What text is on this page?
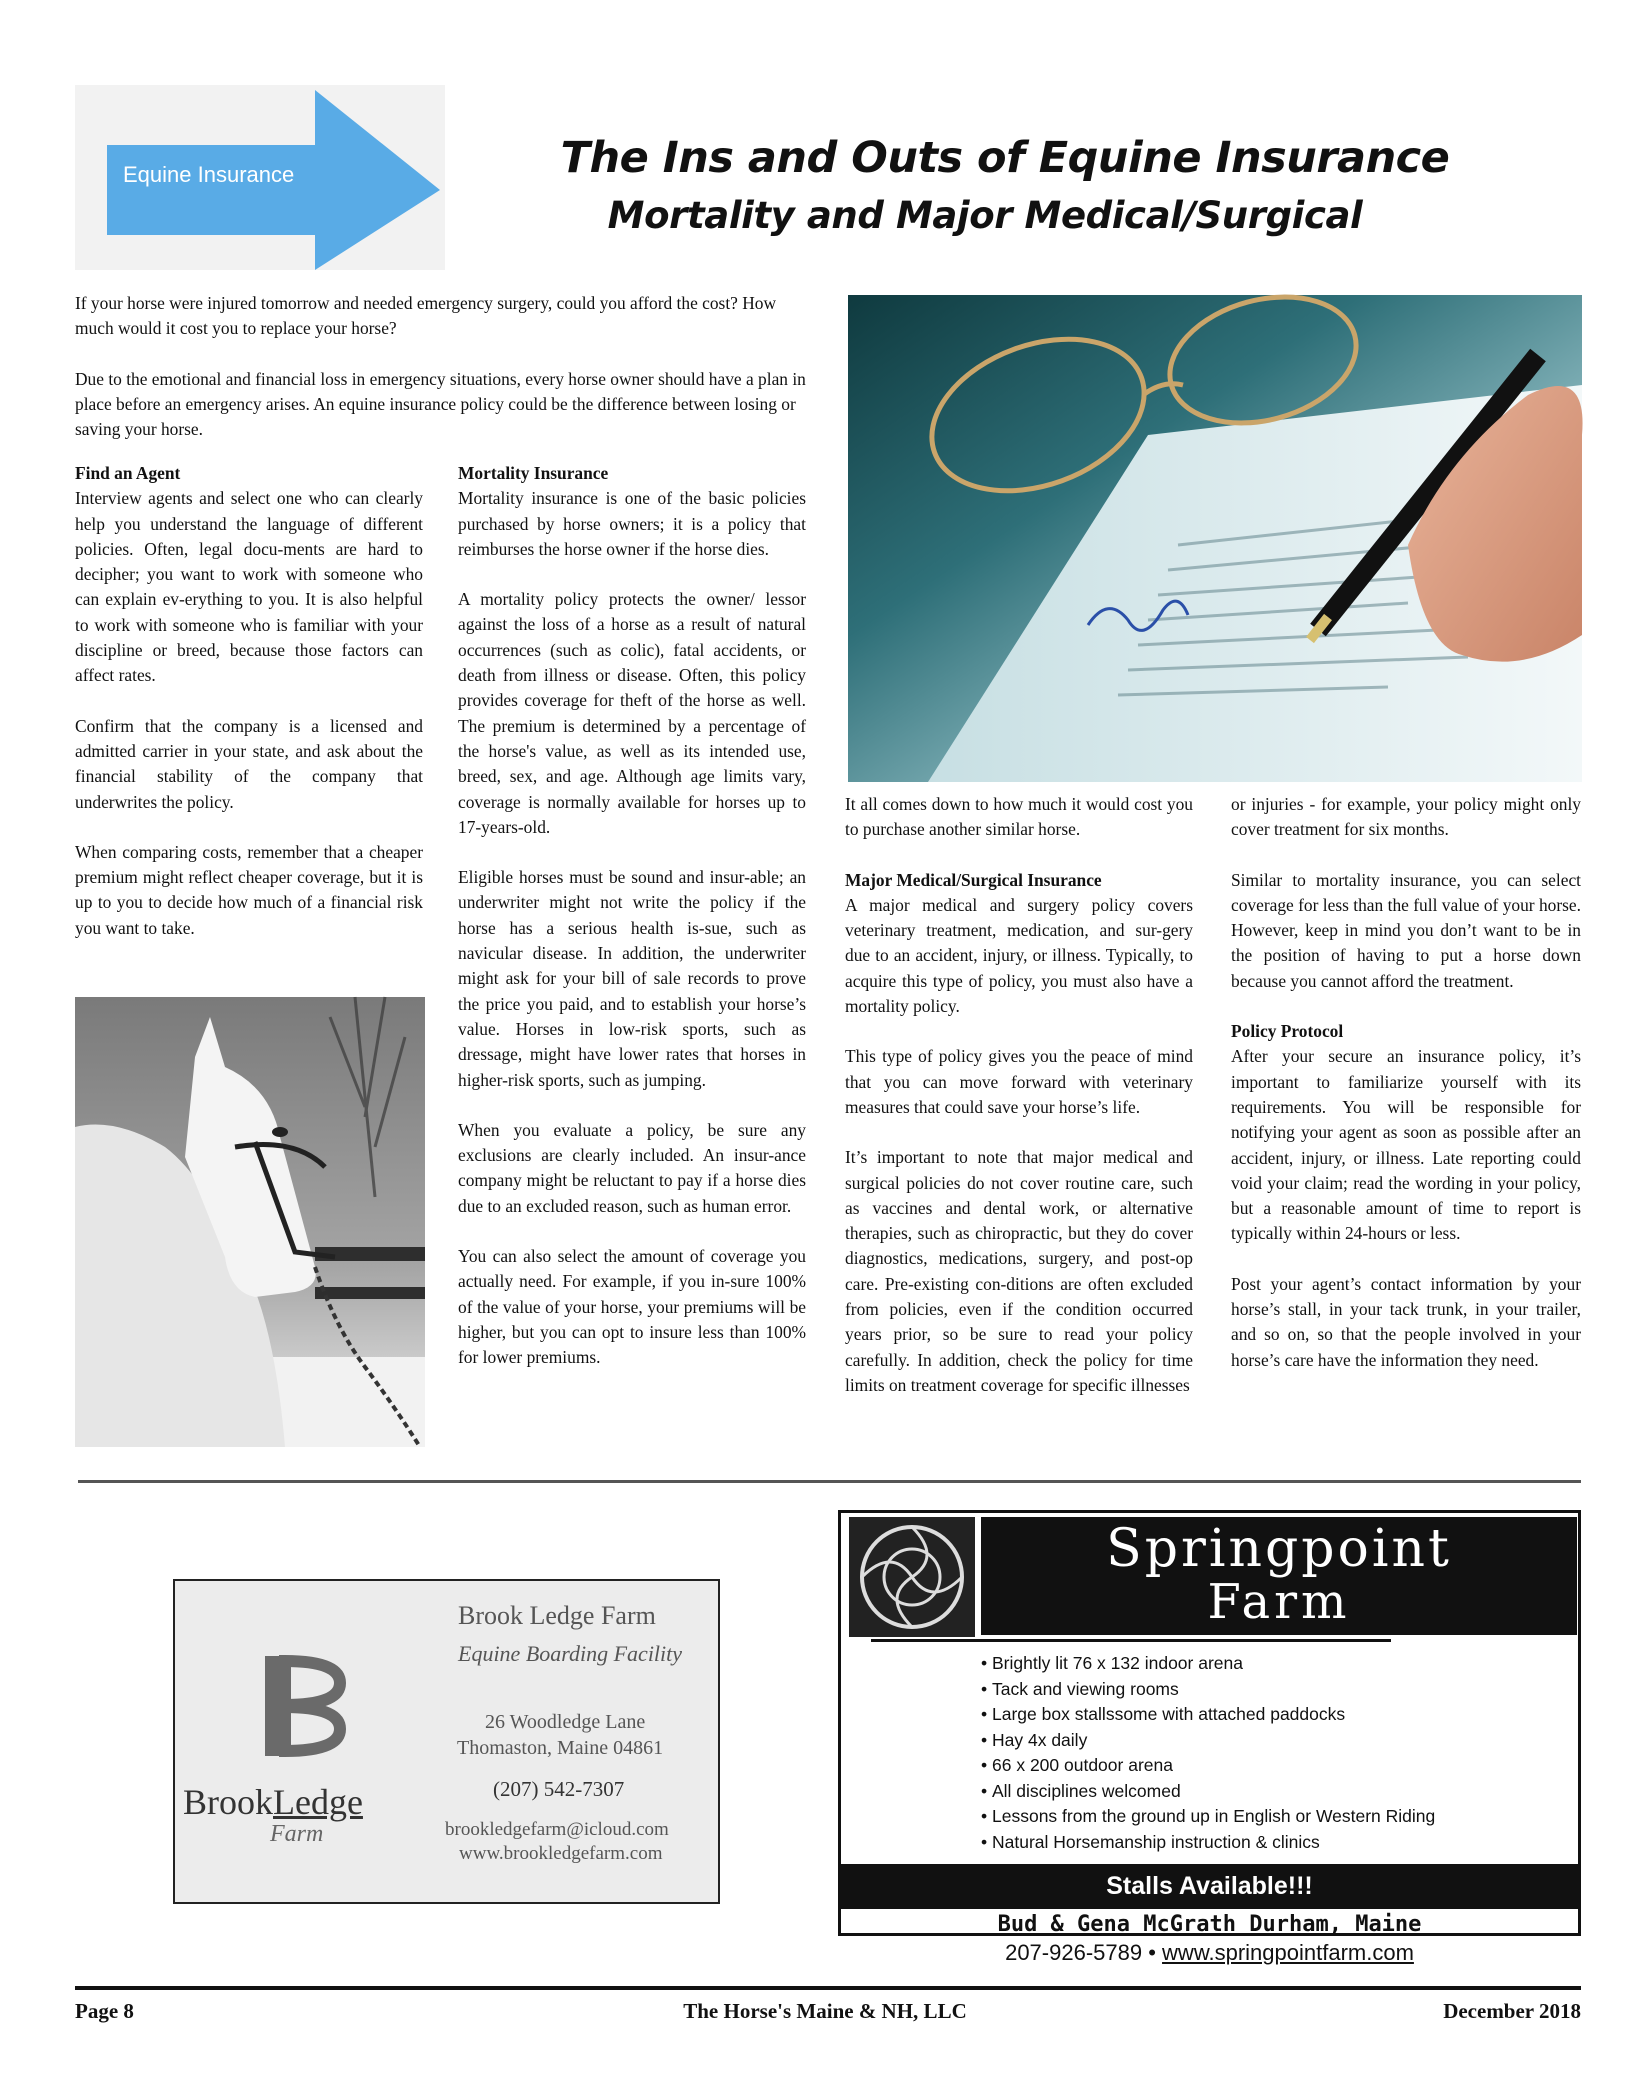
Equine Insurance	The Ins and Outs of Equine Insurance
Mortality and Major Medical/Surgical

If your horse were injured tomorrow and needed emergency surgery, could you afford the cost? How much would it cost you to replace your horse?

Due to the emotional and financial loss in emergency situations, every horse owner should have a plan in place before an emergency arises. An equine insurance policy could be the difference between losing or saving your horse.

Find an Agent

Interview agents and select one who can clearly help you understand the language of different policies. Often, legal docu-ments are hard to decipher; you want to work with someone who can explain ev-erything to you. It is also helpful to work with someone who is familiar with your discipline or breed, because those factors can affect rates.

Confirm that the company is a licensed and admitted carrier in your state, and ask about the financial stability of the company that underwrites the policy.

When comparing costs, remember that a cheaper premium might reflect cheaper coverage, but it is up to you to decide how much of a financial risk you want to take.

Mortality Insurance

Mortality insurance is one of the basic policies purchased by horse owners; it is a policy that reimburses the horse owner if the horse dies.

A mortality policy protects the owner/ lessor against the loss of a horse as a result of natural occurrences (such as colic), fatal accidents, or death from illness or disease. Often, this policy provides coverage for theft of the horse as well. The premium is determined by a percentage of the horse's value, as well as its intended use, breed, sex, and age. Although age limits vary, coverage is normally available for horses up to 17-years-old.

Eligible horses must be sound and insur-able; an underwriter might not write the policy if the horse has a serious health is-sue, such as navicular disease. In addition, the underwriter might ask for your bill of sale records to prove the price you paid, and to establish your horse’s value. Horses in low-risk sports, such as dressage, might have lower rates that horses in higher-risk sports, such as jumping.

When you evaluate a policy, be sure any exclusions are clearly included. An insur-ance company might be reluctant to pay if a horse dies due to an excluded reason, such as human error.

You can also select the amount of coverage you actually need. For example, if you in-sure 100% of the value of your horse, your premiums will be higher, but you can opt to insure less than 100% for lower premiums.

It all comes down to how much it would cost you to purchase another similar horse.

Major Medical/Surgical Insurance

A major medical and surgery policy covers veterinary treatment, medication, and sur-gery due to an accident, injury, or illness. Typically, to acquire this type of policy, you must also have a mortality policy.

This type of policy gives you the peace of mind that you can move forward with veterinary measures that could save your horse’s life.

It’s important to note that major medical and surgical policies do not cover routine care, such as vaccines and dental work, or alternative therapies, such as chiropractic, but they do cover diagnostics, medications, surgery, and post-op care. Pre-existing con-ditions are often excluded from policies, even if the condition occurred years prior, so be sure to read your policy carefully. In addition, check the policy for time limits on treatment coverage for specific illnesses

or injuries - for example, your policy might only cover treatment for six months.

Similar to mortality insurance, you can select coverage for less than the full value of your horse. However, keep in mind you don’t want to be in the position of having to put a horse down because you cannot afford the treatment.

Policy Protocol

After your secure an insurance policy, it’s important to familiarize yourself with its requirements. You will be responsible for notifying your agent as soon as possible after an accident, injury, or illness. Late reporting could void your claim; read the wording in your policy, but a reasonable amount of time to report is typically within 24-hours or less.

Post your agent’s contact information by your horse’s stall, in your tack trunk, in your trailer, and so on, so that the people involved in your horse’s care have the information they need.

Brook Ledge
Farm
Brook Ledge Farm
Equine Boarding Facility
26 Woodledge Lane
Thomaston, Maine 04861
(207) 542-7307
brookledgefarm@icloud.com
www.brookledgefarm.com
Springpoint
Farm
• Brightly lit 76 x 132 indoor arena
• Tack and viewing rooms
• Large box stallssome with attached paddocks
• Hay 4x daily
• 66 x 200 outdoor arena
• All disciplines welcomed
• Lessons from the ground up in English or Western Riding
• Natural Horsemanship instruction & clinics
Stalls Available!!!
Bud & Gena McGrath Durham, Maine
207-926-5789 • www.springpointfarm.com
Page 8	The Horse's Maine & NH, LLC	December 2018
